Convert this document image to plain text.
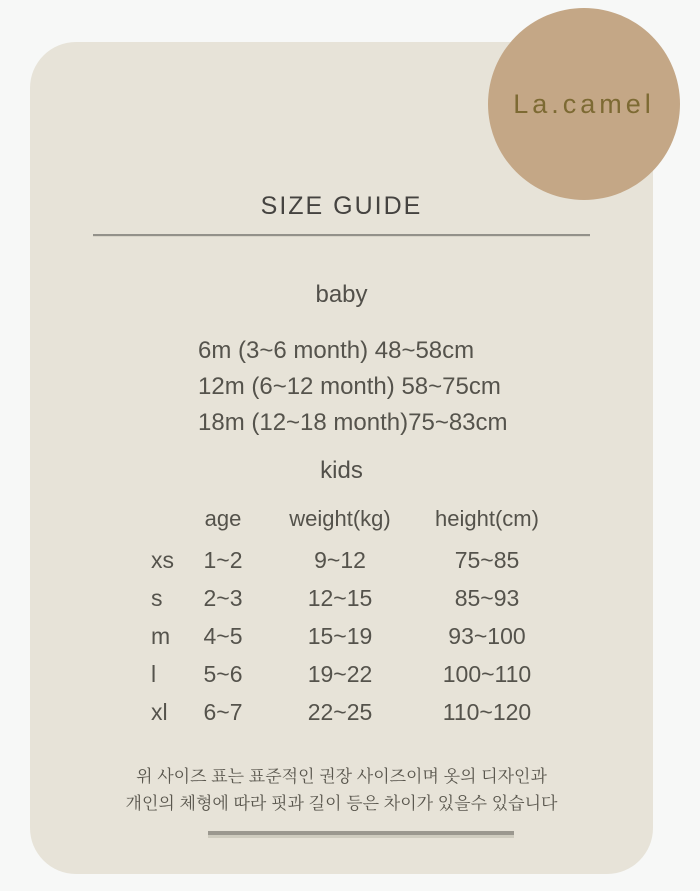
SIZE GUIDE
baby
6m (3~6 month) 48~58cm
12m (6~12 month) 58~75cm
18m (12~18 month)75~83cm
kids
	age	weight(kg)	height(cm)
xs	1~2	9~12	75~85
s	2~3	12~15	85~93
m	4~5	15~19	93~100
l	5~6	19~22	100~110
xl	6~7	22~25	110~120
위 사이즈 표는 표준적인 권장 사이즈이며 옷의 디자인과
개인의 체형에 따라 핏과 길이 등은 차이가 있을수 있습니다
La.camel
